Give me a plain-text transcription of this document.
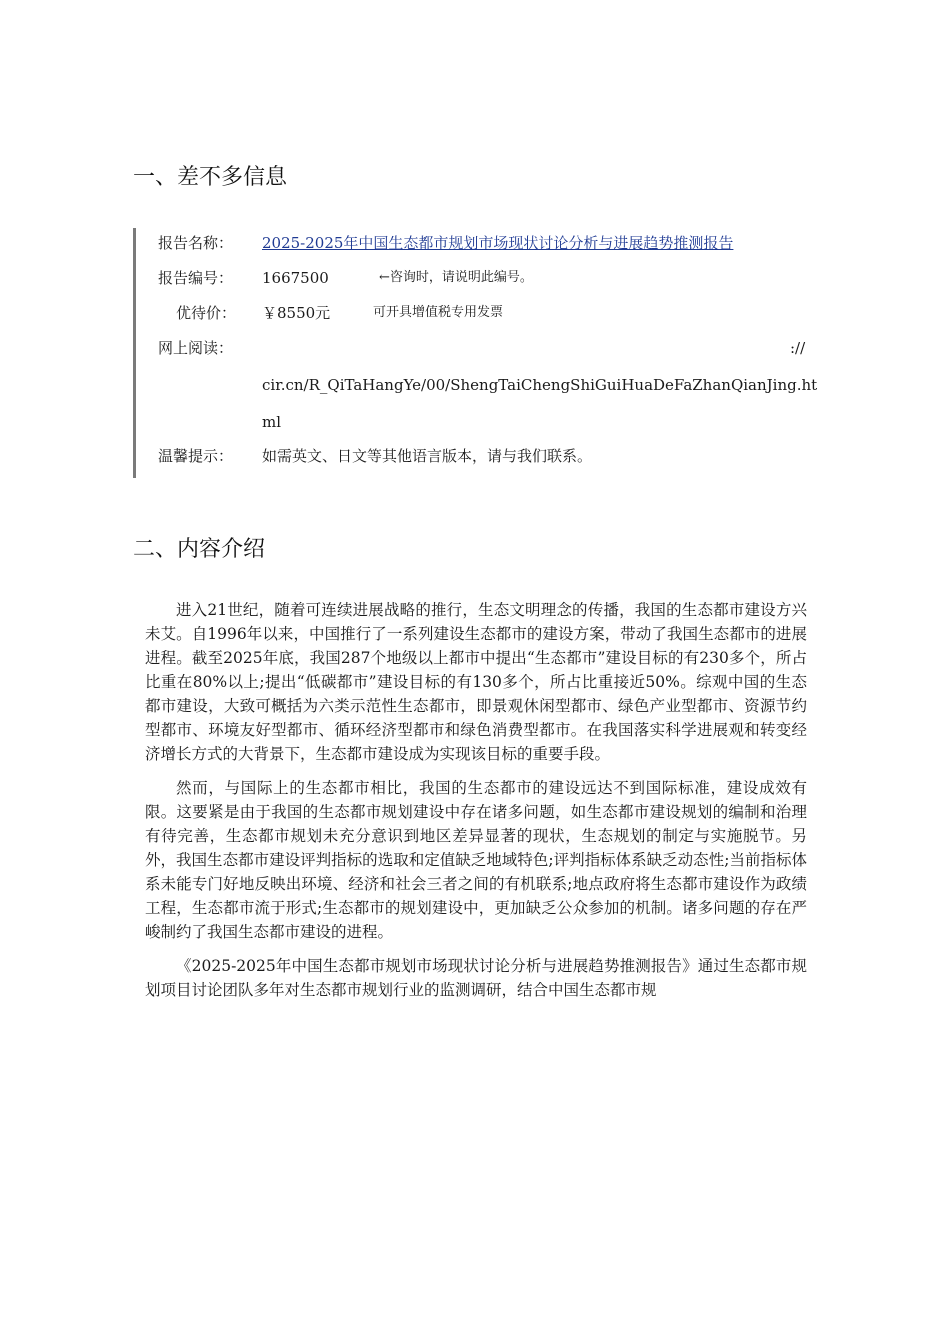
一、差不多信息
报告名称：	2025-2025年中国生态都市规划市场现状讨论分析与进展趋势推测报告
报告编号：	1667500	←咨询时，请说明此编号。
优待价：	￥8550元	可开具增值税专用发票
网上阅读：	://
cir.cn/R_QiTaHangYe/00/ShengTaiChengShiGuiHuaDeFaZhanQianJing.ht
ml
温馨提示：	如需英文、日文等其他语言版本，请与我们联系。
二、内容介绍

进入21世纪，随着可连续进展战略的推行，生态文明理念的传播，我国的生态都市建设方兴未艾。自1996年以来，中国推行了一系列建设生态都市的建设方案，带动了我国生态都市的进展进程。截至2025年底，我国287个地级以上都市中提出“生态都市”建设目标的有230多个，所占比重在80%以上;提出“低碳都市”建设目标的有130多个，所占比重接近50%。综观中国的生态都市建设，大致可概括为六类示范性生态都市，即景观休闲型都市、绿色产业型都市、资源节约型都市、环境友好型都市、循环经济型都市和绿色消费型都市。在我国落实科学进展观和转变经济增长方式的大背景下，生态都市建设成为实现该目标的重要手段。

然而，与国际上的生态都市相比，我国的生态都市的建设远达不到国际标准，建设成效有限。这要紧是由于我国的生态都市规划建设中存在诸多问题，如生态都市建设规划的编制和治理有待完善，生态都市规划未充分意识到地区差异显著的现状，生态规划的制定与实施脱节。另外，我国生态都市建设评判指标的选取和定值缺乏地域特色;评判指标体系缺乏动态性;当前指标体系未能专门好地反映出环境、经济和社会三者之间的有机联系;地点政府将生态都市建设作为政绩工程，生态都市流于形式;生态都市的规划建设中，更加缺乏公众参加的机制。诸多问题的存在严峻制约了我国生态都市建设的进程。

《2025-2025年中国生态都市规划市场现状讨论分析与进展趋势推测报告》通过生态都市规划项目讨论团队多年对生态都市规划行业的监测调研，结合中国生态都市规
